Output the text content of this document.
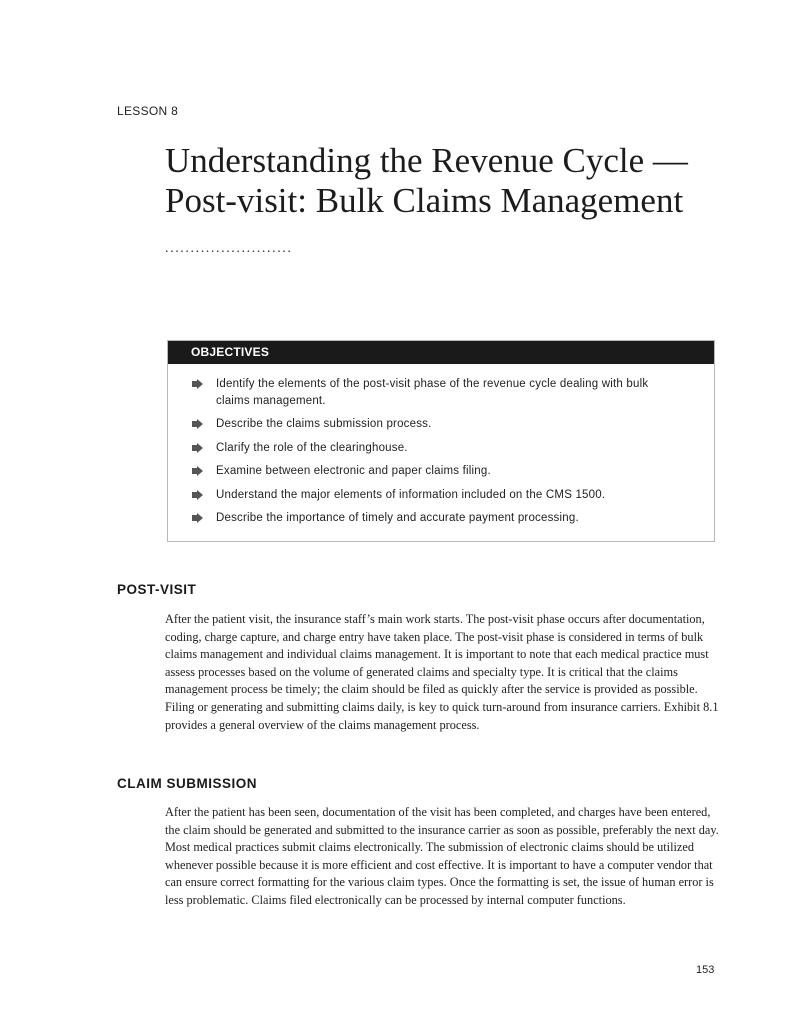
LESSON 8
Understanding the Revenue Cycle — Post-visit: Bulk Claims Management .........................
OBJECTIVES
Identify the elements of the post-visit phase of the revenue cycle dealing with bulk claims management.
Describe the claims submission process.
Clarify the role of the clearinghouse.
Examine between electronic and paper claims filing.
Understand the major elements of information included on the CMS 1500.
Describe the importance of timely and accurate payment processing.
POST-VISIT

After the patient visit, the insurance staff’s main work starts. The post-visit phase occurs after documentation, coding, charge capture, and charge entry have taken place. The post-visit phase is considered in terms of bulk claims management and individual claims management. It is important to note that each medical practice must assess processes based on the volume of generated claims and specialty type. It is critical that the claims management process be timely; the claim should be filed as quickly after the service is provided as possible. Filing or generating and submitting claims daily, is key to quick turn-around from insurance carriers. Exhibit 8.1 provides a general overview of the claims management process.

CLAIM SUBMISSION

After the patient has been seen, documentation of the visit has been completed, and charges have been entered, the claim should be generated and submitted to the insurance carrier as soon as possible, preferably the next day. Most medical practices submit claims electronically. The submission of electronic claims should be utilized whenever possible because it is more efficient and cost effective. It is important to have a computer vendor that can ensure correct formatting for the various claim types. Once the formatting is set, the issue of human error is less problematic. Claims filed electronically can be processed by internal computer functions.

153
